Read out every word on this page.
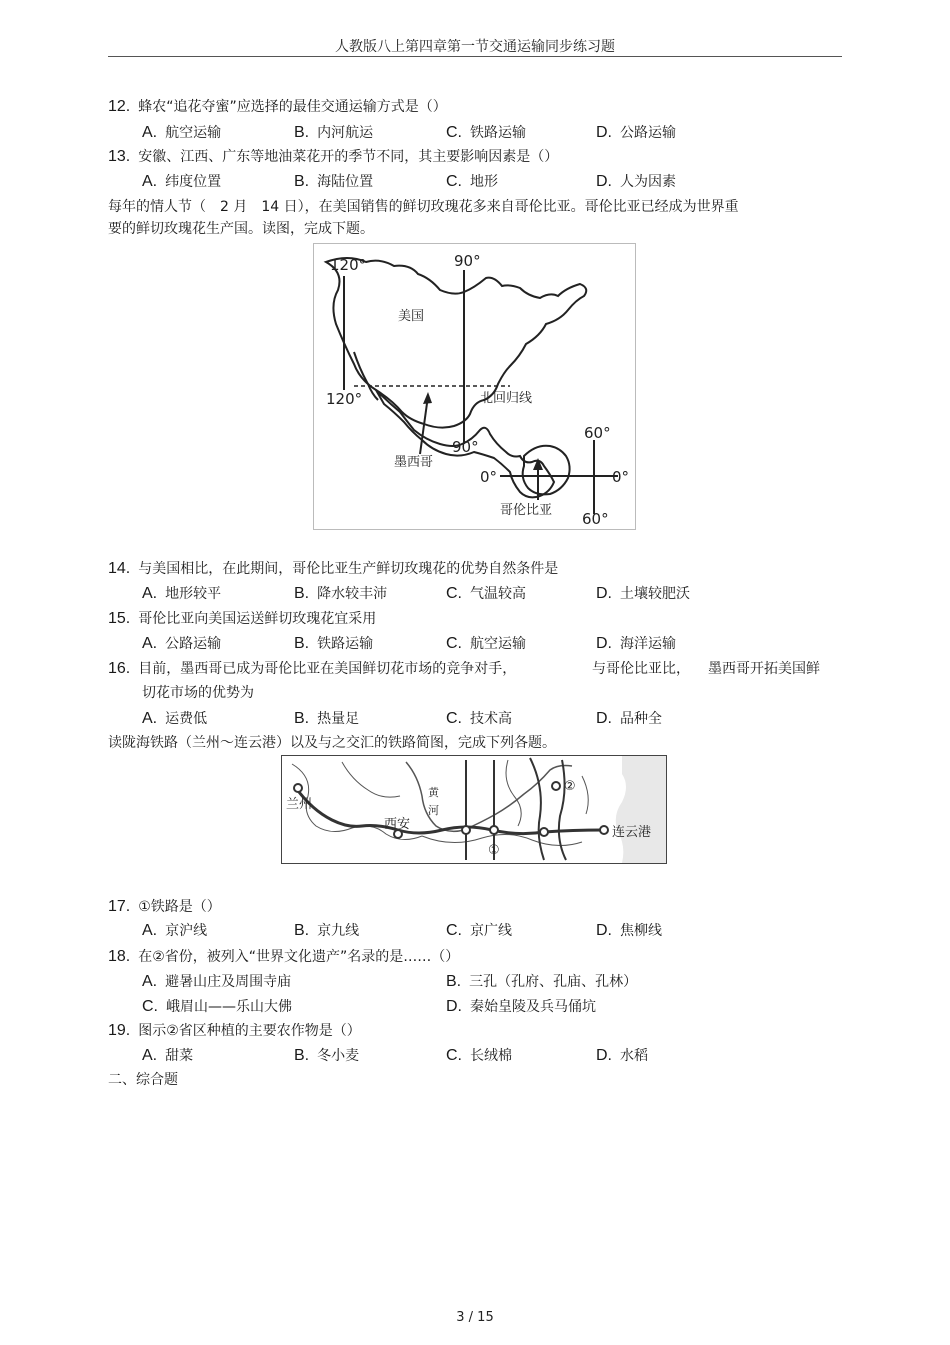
人教版八上第四章第一节交通运输同步练习题
12. 蜂农“追花夺蜜”应选择的最佳交通运输方式是（）
A. 航空运输	B. 内河航运	C. 铁路运输	D. 公路运输
13. 安徽、江西、广东等地油菜花开的季节不同，其主要影响因素是（）
A. 纬度位置	B. 海陆位置	C. 地形	D. 人为因素
每年的情人节（　2 月　14 日），在美国销售的鲜切玫瑰花多来自哥伦比亚。哥伦比亚已经成为世界重
要的鲜切玫瑰花生产国。读图，完成下题。
120°	90°
美国
120°	北回归线
90°
墨西哥
60°
0°	0°
哥伦比亚 60°
14. 与美国相比，在此期间，哥伦比亚生产鲜切玫瑰花的优势自然条件是
A. 地形较平	B. 降水较丰沛	C. 气温较高	D. 土壤较肥沃
15. 哥伦比亚向美国运送鲜切玫瑰花宜采用
A. 公路运输	B. 铁路运输	C. 航空运输	D. 海洋运输
16. 目前，墨西哥已成为哥伦比亚在美国鲜切花市场的竞争对手，	与哥伦比亚比， 墨西哥开拓美国鲜
切花市场的优势为
A. 运费低	B. 热量足	C. 技术高	D. 品种全
读陇海铁路（兰州～连云港）以及与之交汇的铁路简图，完成下列各题。
兰州
西安
黄
河
连云港
①
②
17. ①铁路是（）
A. 京沪线	B. 京九线	C. 京广线	D. 焦柳线
18. 在②省份，被列入“世界文化遗产”名录的是……（）
A. 避暑山庄及周围寺庙	B. 三孔（孔府、孔庙、孔林）
C. 峨眉山——乐山大佛	D. 秦始皇陵及兵马俑坑
19. 图示②省区种植的主要农作物是（）
A. 甜菜	B. 冬小麦	C. 长绒棉	D. 水稻
二、综合题
3 / 15
